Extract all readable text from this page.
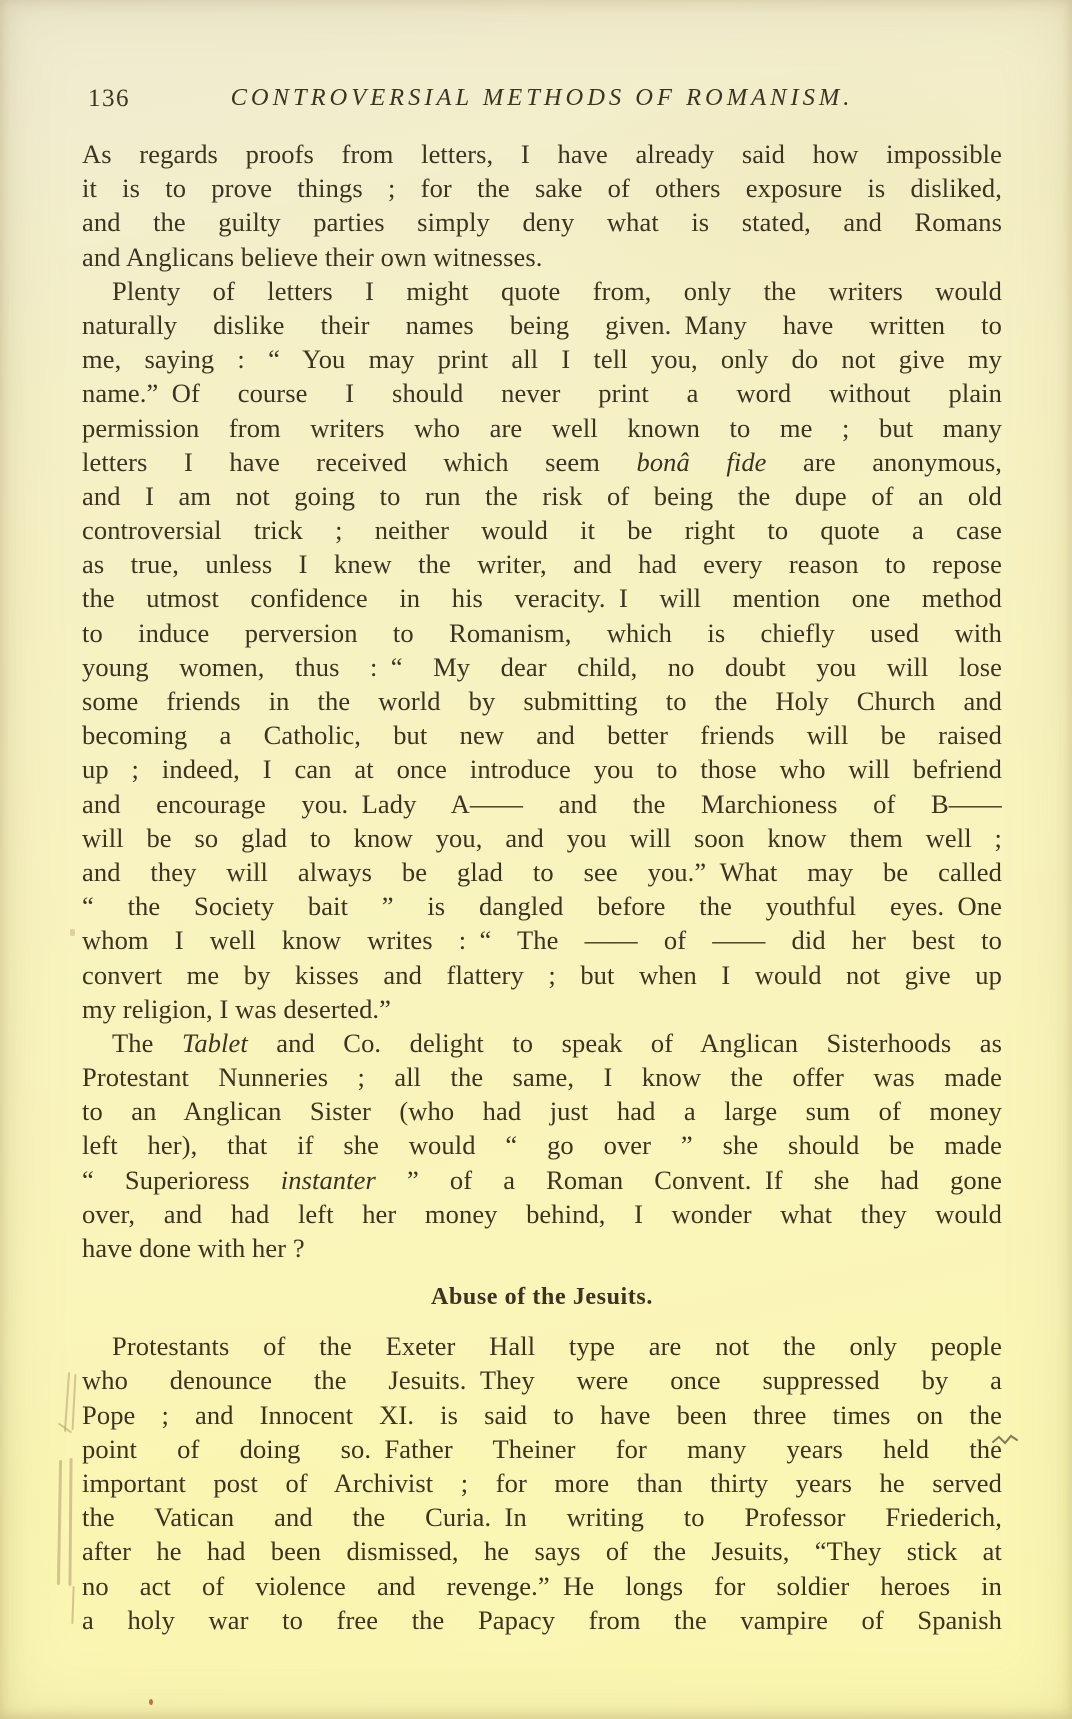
136	CONTROVERSIAL METHODS OF ROMANISM.
As regards proofs from letters, I have already said how impossible
it is to prove things ; for the sake of others exposure is disliked,
and the guilty parties simply deny what is stated, and Romans
and Anglicans believe their own witnesses.
Plenty of letters I might quote from, only the writers would
naturally dislike their names being given. Many have written to
me, saying : “ You may print all I tell you, only do not give my
name.” Of course I should never print a word without plain
permission from writers who are well known to me ; but many
letters I have received which seem bonâ fide are anonymous,
and I am not going to run the risk of being the dupe of an old
controversial trick ; neither would it be right to quote a case
as true, unless I knew the writer, and had every reason to repose
the utmost confidence in his veracity. I will mention one method
to induce perversion to Romanism, which is chiefly used with
young women, thus : “ My dear child, no doubt you will lose
some friends in the world by submitting to the Holy Church and
becoming a Catholic, but new and better friends will be raised
up ; indeed, I can at once introduce you to those who will befriend
and encourage you. Lady A—— and the Marchioness of B——
will be so glad to know you, and you will soon know them well ;
and they will always be glad to see you.” What may be called
“ the Society bait ” is dangled before the youthful eyes. One
whom I well know writes : “ The —— of —— did her best to
convert me by kisses and flattery ; but when I would not give up
my religion, I was deserted.”
The Tablet and Co. delight to speak of Anglican Sisterhoods as
Protestant Nunneries ; all the same, I know the offer was made
to an Anglican Sister (who had just had a large sum of money
left her), that if she would “ go over ” she should be made
“ Superioress instanter ” of a Roman Convent. If she had gone
over, and had left her money behind, I wonder what they would
have done with her ?
Abuse of the Jesuits.
Protestants of the Exeter Hall type are not the only people
who denounce the Jesuits. They were once suppressed by a
Pope ; and Innocent XI. is said to have been three times on the
point of doing so. Father Theiner for many years held the
important post of Archivist ; for more than thirty years he served
the Vatican and the Curia. In writing to Professor Friederich,
after he had been dismissed, he says of the Jesuits, “They stick at
no act of violence and revenge.” He longs for soldier heroes in
a holy war to free the Papacy from the vampire of Spanish
